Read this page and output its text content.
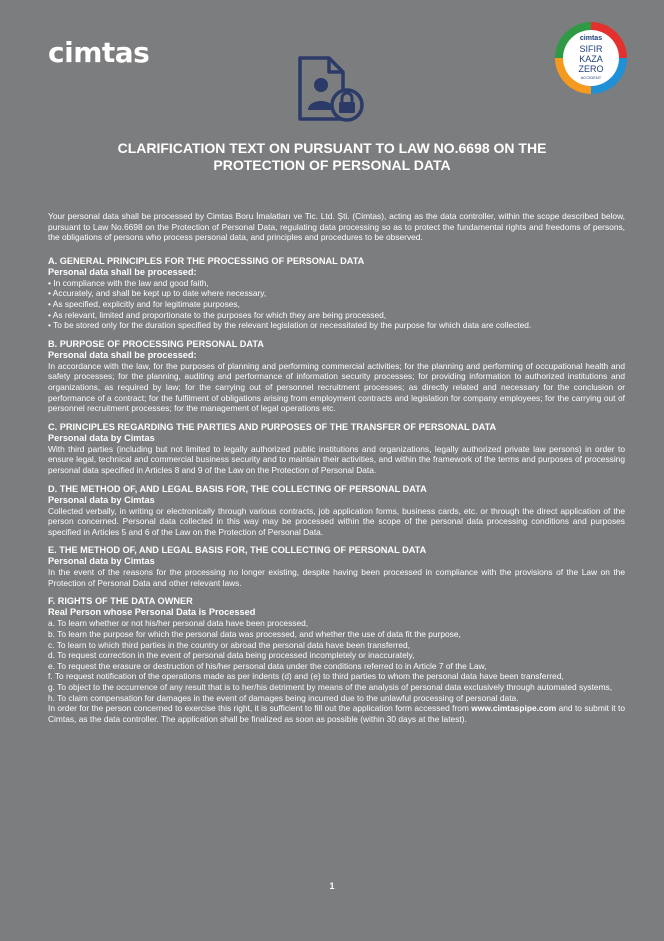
cimtas	cimtas
SIFIR
KAZA
ZERO
ACCIDENT
CLARIFICATION TEXT ON PURSUANT TO LAW NO.6698 ON THE
PROTECTION OF PERSONAL DATA

Your personal data shall be processed by Cimtas Boru İmalatları ve Tic. Ltd. Şti. (Cimtas), acting as the data controller, within the scope described below, pursuant to Law No.6698 on the Protection of Personal Data, regulating data processing so as to protect the fundamental rights and freedoms of persons, the obligations of persons who process personal data, and principles and procedures to be observed.

A. GENERAL PRINCIPLES FOR THE PROCESSING OF PERSONAL DATA
Personal data shall be processed:
• In compliance with the law and good faith,
• Accurately, and shall be kept up to date where necessary,
• As specified, explicitly and for legitimate purposes,
• As relevant, limited and proportionate to the purposes for which they are being processed,
• To be stored only for the duration specified by the relevant legislation or necessitated by the purpose for which data are collected.
B. PURPOSE OF PROCESSING PERSONAL DATA
Personal data shall be processed:

In accordance with the law, for the purposes of planning and performing commercial activities; for the planning and performing of occupational health and safety processes; for the planning, auditing and performance of information security processes; for providing information to authorized institutions and organizations, as required by law; for the carrying out of personnel recruitment processes; as directly related and necessary for the conclusion or performance of a contract; for the fulfilment of obligations arising from employment contracts and legislation for company employees; for the carrying out of personnel recruitment processes; for the management of legal operations etc.

C. PRINCIPLES REGARDING THE PARTIES AND PURPOSES OF THE TRANSFER OF PERSONAL DATA
Personal data by Cimtas

With third parties (including but not limited to legally authorized public institutions and organizations, legally authorized private law persons) in order to ensure legal, technical and commercial business security and to maintain their activities, and within the framework of the terms and purposes of processing personal data specified in Articles 8 and 9 of the Law on the Protection of Personal Data.

D. THE METHOD OF, AND LEGAL BASIS FOR, THE COLLECTING OF PERSONAL DATA
Personal data by Cimtas

Collected verbally, in writing or electronically through various contracts, job application forms, business cards, etc. or through the direct application of the person concerned. Personal data collected in this way may be processed within the scope of the personal data processing conditions and purposes specified in Articles 5 and 6 of the Law on the Protection of Personal Data.

E. THE METHOD OF, AND LEGAL BASIS FOR, THE COLLECTING OF PERSONAL DATA
Personal data by Cimtas

In the event of the reasons for the processing no longer existing, despite having been processed in compliance with the provisions of the Law on the Protection of Personal Data and other relevant laws.

F. RIGHTS OF THE DATA OWNER
Real Person whose Personal Data is Processed
a. To learn whether or not his/her personal data have been processed,
b. To learn the purpose for which the personal data was processed, and whether the use of data fit the purpose,
c. To learn to which third parties in the country or abroad the personal data have been transferred,
d. To request correction in the event of personal data being processed incompletely or inaccurately,
e. To request the erasure or destruction of his/her personal data under the conditions referred to in Article 7 of the Law,
f. To request notification of the operations made as per indents (d) and (e) to third parties to whom the personal data have been transferred,
g. To object to the occurrence of any result that is to her/his detriment by means of the analysis of personal data exclusively through automated systems,
h. To claim compensation for damages in the event of damages being incurred due to the unlawful processing of personal data.

In order for the person concerned to exercise this right, it is sufficient to fill out the application form accessed from www.cimtaspipe.com and to submit it to Cimtas, as the data controller. The application shall be finalized as soon as possible (within 30 days at the latest).

1
